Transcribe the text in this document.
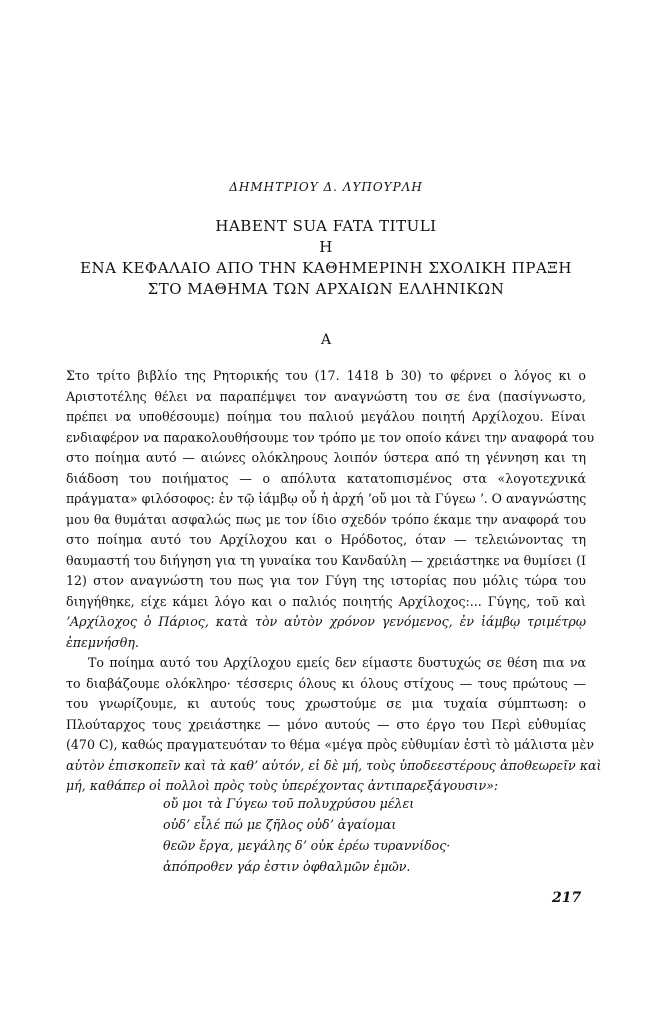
ΔΗΜΗΤΡΙΟΥ Δ. ΛΥΠΟΥΡΛΗ
HABENT SUA FATA TITULI
Η
ΕΝΑ ΚΕΦΑΛΑΙΟ ΑΠΟ ΤΗΝ ΚΑΘΗΜΕΡΙΝΗ ΣΧΟΛΙΚΗ ΠΡΑΞΗ
ΣΤΟ ΜΑΘΗΜΑ ΤΩΝ ΑΡΧΑΙΩΝ ΕΛΛΗΝΙΚΩΝ
Α
Στο τρίτο βιβλίο της Ρητορικής του (17. 1418 b 30) το φέρνει ο λόγος κι ο
Αριστοτέλης θέλει να παραπέμψει τον αναγνώστη του σε ένα (πασίγνωστο,
πρέπει να υποθέσουμε) ποίημα του παλιού μεγάλου ποιητή Αρχίλοχου. Είναι
ενδιαφέρον να παρακολουθήσουμε τον τρόπο με τον οποίο κάνει την αναφορά του
στο ποίημα αυτό — αιώνες ολόκληρους λοιπόν ύστερα από τη γέννηση και τη
διάδοση του ποιήματος — ο απόλυτα κατατοπισμένος στα «λογοτεχνικά
πράγματα» φιλόσοφος: ἐν τῷ ἰάμβῳ οὗ ἡ ἀρχή ʼοὔ μοι τὰ Γύγεω ʼ. Ο αναγνώστης
μου θα θυμάται ασφαλώς πως με τον ίδιο σχεδόν τρόπο έκαμε την αναφορά του
στο ποίημα αυτό του Αρχίλοχου και ο Ηρόδοτος, όταν — τελειώνοντας τη
θαυμαστή του διήγηση για τη γυναίκα του Κανδαύλη — χρειάστηκε να θυμίσει (Ι
12) στον αναγνώστη του πως για τον Γύγη της ιστορίας που μόλις τώρα του
διηγήθηκε, είχε κάμει λόγο και ο παλιός ποιητής Αρχίλοχος:... Γύγης, τοῦ καὶ
ʼΑρχίλοχος ὁ Πάριος, κατὰ τὸν αὐτὸν χρόνον γενόμενος, ἐν ἰάμβῳ τριμέτρῳ
ἐπεμνήσθη.
Το ποίημα αυτό του Αρχίλοχου εμείς δεν είμαστε δυστυχώς σε θέση πια να
το διαβάζουμε ολόκληρο· τέσσερις όλους κι όλους στίχους — τους πρώτους —
του γνωρίζουμε, κι αυτούς τους χρωστούμε σε μια τυχαία σύμπτωση: ο
Πλούταρχος τους χρειάστηκε — μόνο αυτούς — στο έργο του Περὶ εὐθυμίας
(470 C), καθώς πραγματευόταν το θέμα «μέγα πρὸς εὐθυμίαν ἐστὶ τὸ μάλιστα μὲν
αὑτὸν ἐπισκοπεῖν καὶ τὰ καθʼ αὑτόν, εἰ δὲ μή, τοὺς ὑποδεεστέρους ἀποθεωρεῖν καὶ
μή, καθάπερ οἱ πολλοὶ πρὸς τοὺς ὑπερέχοντας ἀντιπαρεξάγουσιν»:
οὔ μοι τὰ Γύγεω τοῦ πολυχρύσου μέλει
οὐδʼ εἷλέ πώ με ζῆλος οὐδʼ ἀγαίομαι
θεῶν ἔργα, μεγάλης δʼ οὐκ ἐρέω τυραννίδος·
ἀπόπροθεν γάρ ἐστιν ὀφθαλμῶν ἐμῶν.
217
